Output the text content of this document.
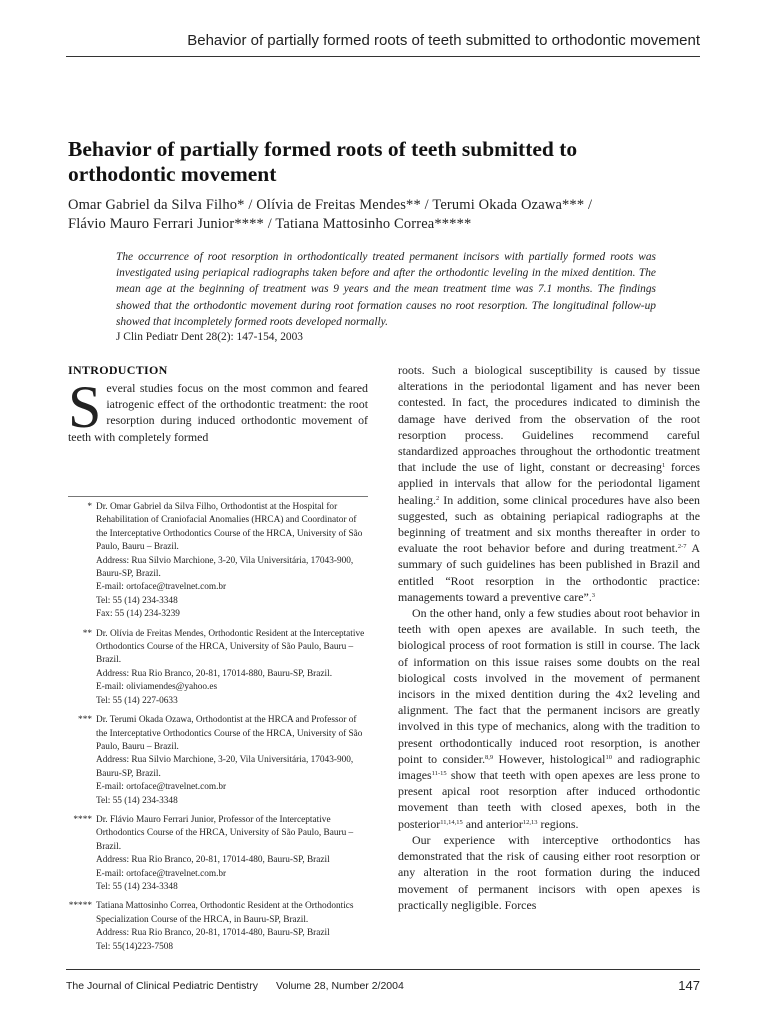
Behavior of partially formed roots of teeth submitted to orthodontic movement
Behavior of partially formed roots of teeth submitted to
orthodontic movement
Omar Gabriel da Silva Filho* / Olívia de Freitas Mendes** / Terumi Okada Ozawa*** /
Flávio Mauro Ferrari Junior**** / Tatiana Mattosinho Correa*****
The occurrence of root resorption in orthodontically treated permanent incisors with partially formed roots was investigated using periapical radiographs taken before and after the orthodontic leveling in the mixed dentition. The mean age at the beginning of treatment was 9 years and the mean treatment time was 7.1 months. The findings showed that the orthodontic movement during root formation causes no root resorption. The longitudinal follow-up showed that incompletely formed roots developed normally.
J Clin Pediatr Dent 28(2): 147-154, 2003
INTRODUCTION

Several studies focus on the most common and feared iatrogenic effect of the orthodontic treatment: the root resorption during induced orthodontic movement of teeth with completely formed

* Dr. Omar Gabriel da Silva Filho, Orthodontist at the Hospital for Rehabilitation of Craniofacial Anomalies (HRCA) and Coordinator of the Interceptative Orthodontics Course of the HRCA, University of São Paulo, Bauru – Brazil.
Address: Rua Silvio Marchione, 3-20, Vila Universitária, 17043-900, Bauru-SP, Brazil.
E-mail: ortoface@travelnet.com.br
Tel: 55 (14) 234-3348
Fax: 55 (14) 234-3239
** Dr. Olívia de Freitas Mendes, Orthodontic Resident at the Interceptative Orthodontics Course of the HRCA, University of São Paulo, Bauru – Brazil.
Address: Rua Rio Branco, 20-81, 17014-880, Bauru-SP, Brazil.
E-mail: oliviamendes@yahoo.es
Tel: 55 (14) 227-0633
*** Dr. Terumi Okada Ozawa, Orthodontist at the HRCA and Professor of the Interceptative Orthodontics Course of the HRCA, University of São Paulo, Bauru – Brazil.
Address: Rua Silvio Marchione, 3-20, Vila Universitária, 17043-900, Bauru-SP, Brazil.
E-mail: ortoface@travelnet.com.br
Tel: 55 (14) 234-3348
**** Dr. Flávio Mauro Ferrari Junior, Professor of the Interceptative Orthodontics Course of the HRCA, University of São Paulo, Bauru – Brazil.
Address: Rua Rio Branco, 20-81, 17014-480, Bauru-SP, Brazil
E-mail: ortoface@travelnet.com.br
Tel: 55 (14) 234-3348
***** Tatiana Mattosinho Correa, Orthodontic Resident at the Orthodontics Specialization Course of the HRCA, in Bauru-SP, Brazil.
Address: Rua Rio Branco, 20-81, 17014-480, Bauru-SP, Brazil
Tel: 55(14)223-7508

roots. Such a biological susceptibility is caused by tissue alterations in the periodontal ligament and has never been contested. In fact, the procedures indicated to diminish the damage have derived from the observation of the root resorption process. Guidelines recommend careful standardized approaches throughout the orthodontic treatment that include the use of light, constant or decreasing$^1$ forces applied in intervals that allow for the periodontal ligament healing.$^2$ In addition, some clinical procedures have also been suggested, such as obtaining periapical radiographs at the beginning of treatment and six months thereafter in order to evaluate the root behavior before and during treatment.$^{2-7}$ A summary of such guidelines has been published in Brazil and entitled “Root resorption in the orthodontic practice: managements toward a preventive care”.$^3$

On the other hand, only a few studies about root behavior in teeth with open apexes are available. In such teeth, the biological process of root formation is still in course. The lack of information on this issue raises some doubts on the real biological costs involved in the movement of permanent incisors in the mixed dentition during the 4x2 leveling and alignment. The fact that the permanent incisors are greatly involved in this type of mechanics, along with the tradition to present orthodontically induced root resorption, is another point to consider.$^{8,9}$ However, histological$^{10}$ and radiographic images$^{11-15}$ show that teeth with open apexes are less prone to present apical root resorption after induced orthodontic movement than teeth with closed apexes, both in the posterior$^{11,14,15}$ and anterior$^{12,13}$ regions.

Our experience with interceptive orthodontics has demonstrated that the risk of causing either root resorption or any alteration in the root formation during the induced movement of permanent incisors with open apexes is practically negligible. Forces

The Journal of Clinical Pediatric Dentistry Volume 28, Number 2/2004	147
